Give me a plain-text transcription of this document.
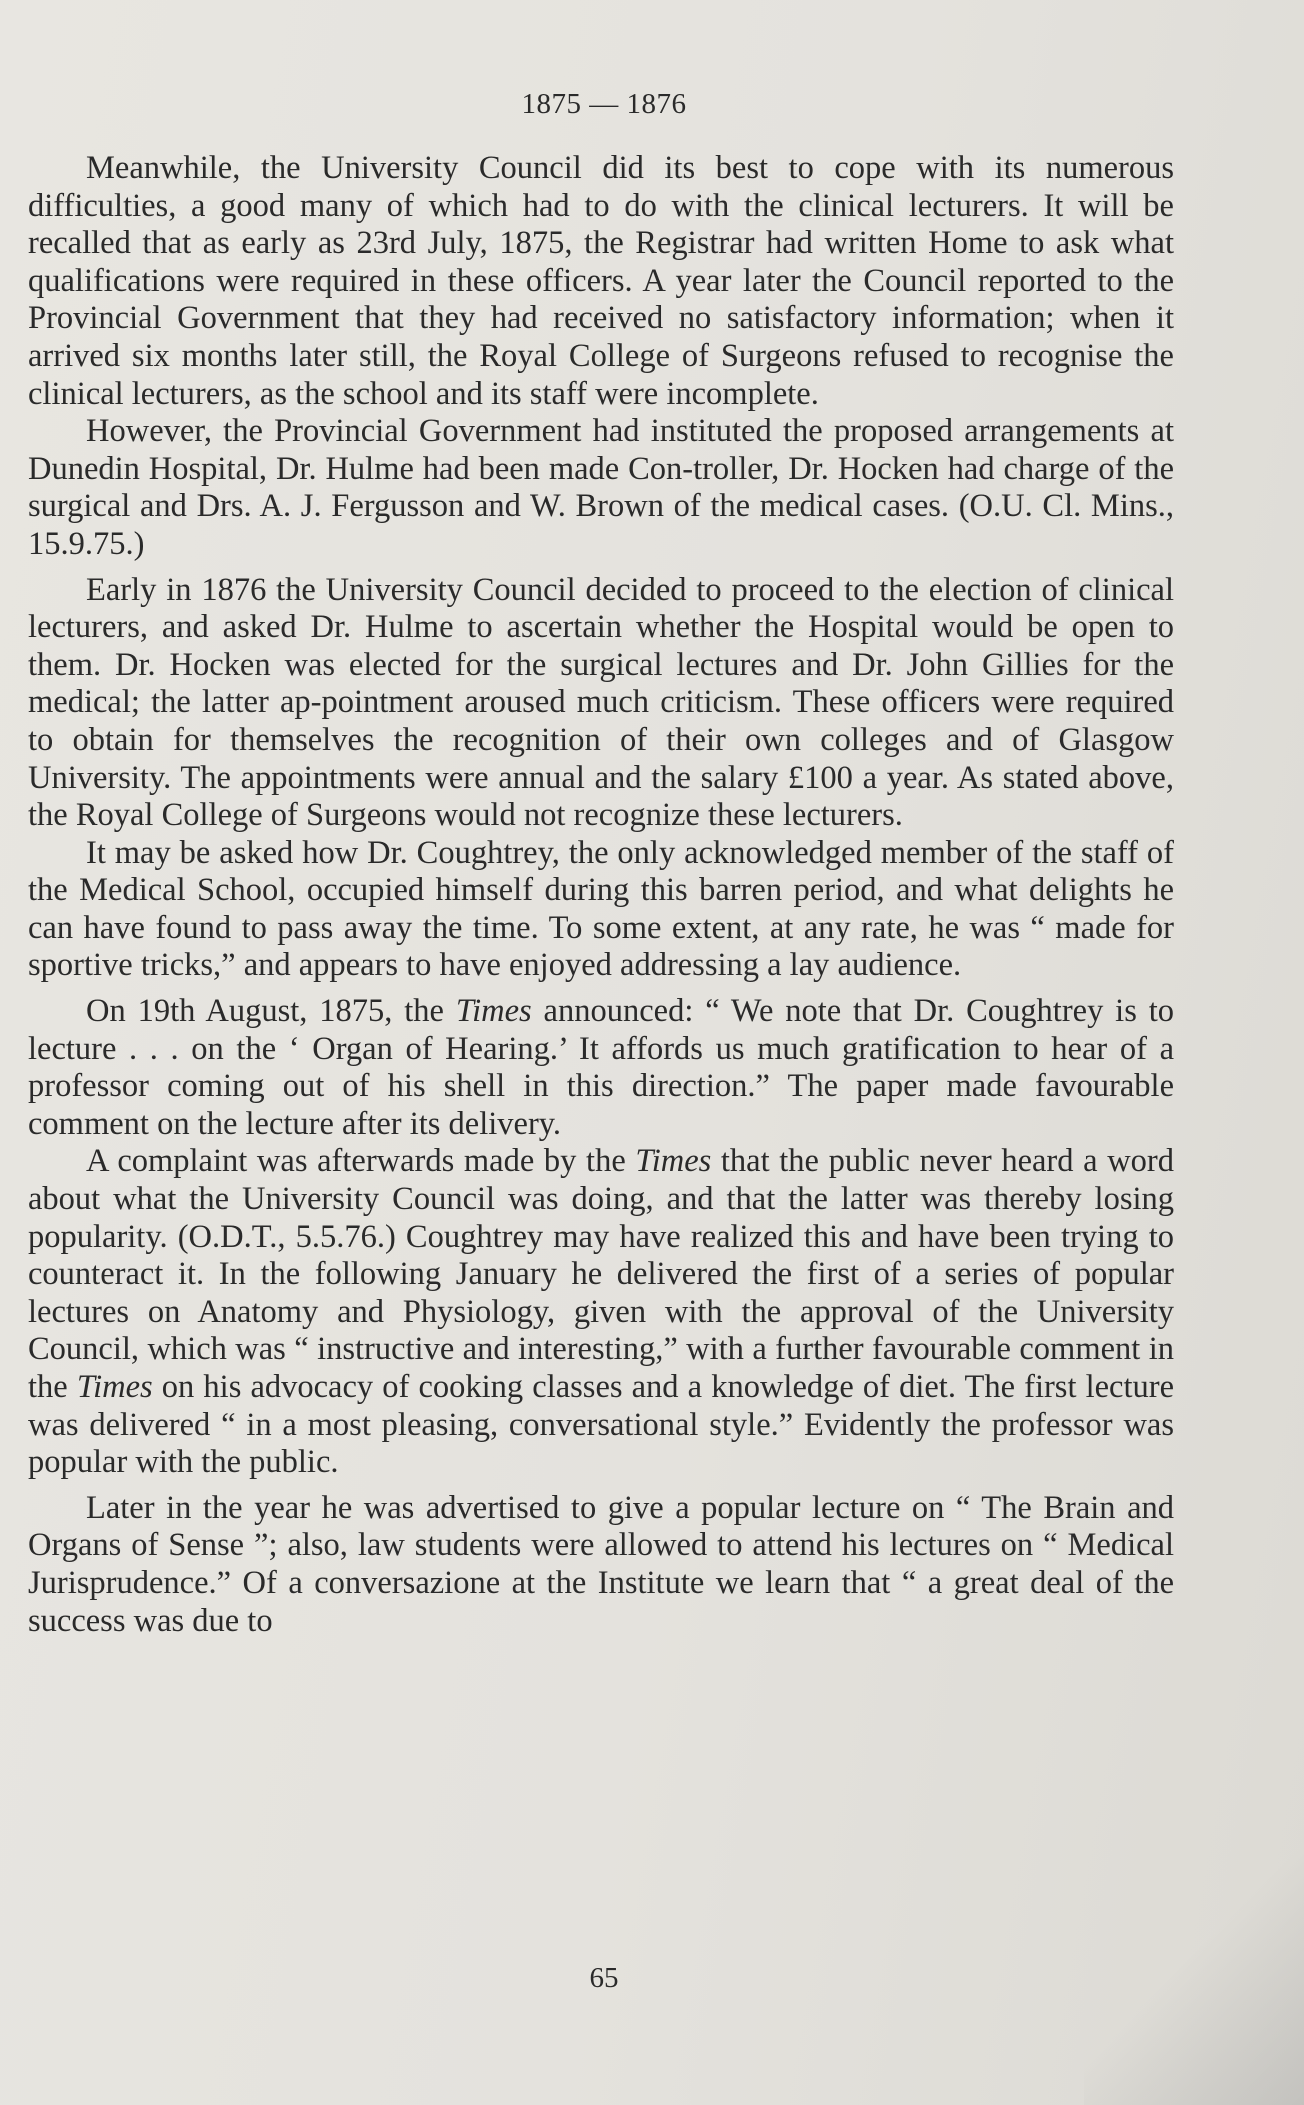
1875 — 1876

Meanwhile, the University Council did its best to cope with its numerous difficulties, a good many of which had to do with the clinical lecturers. It will be recalled that as early as 23rd July, 1875, the Registrar had written Home to ask what qualifications were required in these officers. A year later the Council reported to the Provincial Government that they had received no satisfactory information; when it arrived six months later still, the Royal College of Surgeons refused to recognise the clinical lecturers, as the school and its staff were incomplete.

However, the Provincial Government had instituted the proposed arrangements at Dunedin Hospital, Dr. Hulme had been made Con-troller, Dr. Hocken had charge of the surgical and Drs. A. J. Fergusson and W. Brown of the medical cases. (O.U. Cl. Mins., 15.9.75.)

Early in 1876 the University Council decided to proceed to the election of clinical lecturers, and asked Dr. Hulme to ascertain whether the Hospital would be open to them. Dr. Hocken was elected for the surgical lectures and Dr. John Gillies for the medical; the latter ap-pointment aroused much criticism. These officers were required to obtain for themselves the recognition of their own colleges and of Glasgow University. The appointments were annual and the salary £100 a year. As stated above, the Royal College of Surgeons would not recognize these lecturers.

It may be asked how Dr. Coughtrey, the only acknowledged member of the staff of the Medical School, occupied himself during this barren period, and what delights he can have found to pass away the time. To some extent, at any rate, he was “ made for sportive tricks,” and appears to have enjoyed addressing a lay audience.

On 19th August, 1875, the Times announced: “ We note that Dr. Coughtrey is to lecture . . . on the ‘ Organ of Hearing.’ It affords us much gratification to hear of a professor coming out of his shell in this direction.” The paper made favourable comment on the lecture after its delivery.

A complaint was afterwards made by the Times that the public never heard a word about what the University Council was doing, and that the latter was thereby losing popularity. (O.D.T., 5.5.76.) Coughtrey may have realized this and have been trying to counteract it. In the following January he delivered the first of a series of popular lectures on Anatomy and Physiology, given with the approval of the University Council, which was “ instructive and interesting,” with a further favourable comment in the Times on his advocacy of cooking classes and a knowledge of diet. The first lecture was delivered “ in a most pleasing, conversational style.” Evidently the professor was popular with the public.

Later in the year he was advertised to give a popular lecture on “ The Brain and Organs of Sense ”; also, law students were allowed to attend his lectures on “ Medical Jurisprudence.” Of a conversazione at the Institute we learn that “ a great deal of the success was due to

65
